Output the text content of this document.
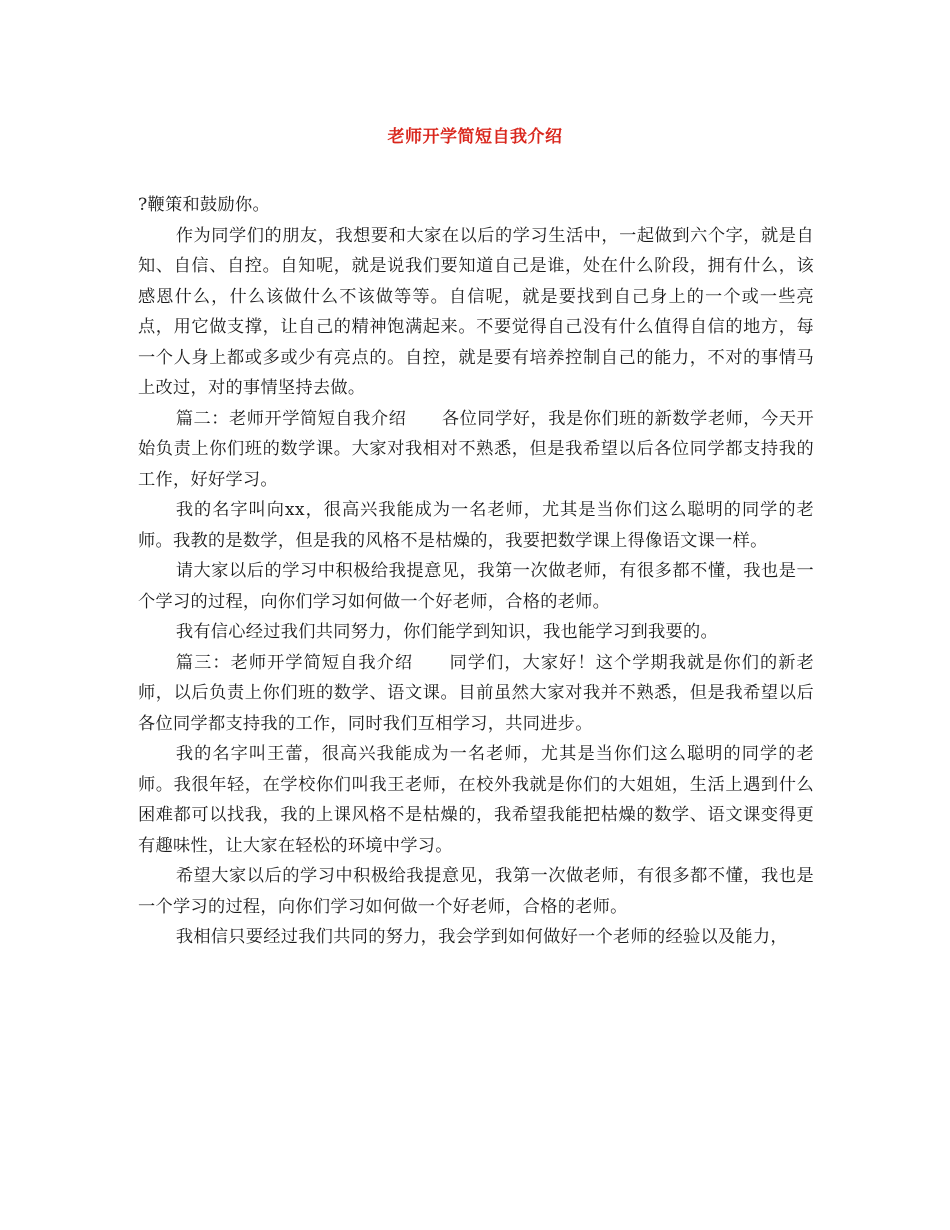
老师开学简短自我介绍

?鞭策和鼓励你。

作为同学们的朋友，我想要和大家在以后的学习生活中，一起做到六个字，就是自知、自信、自控。自知呢，就是说我们要知道自己是谁，处在什么阶段，拥有什么，该感恩什么，什么该做什么不该做等等。自信呢，就是要找到自己身上的一个或一些亮点，用它做支撑，让自己的精神饱满起来。不要觉得自己没有什么值得自信的地方，每一个人身上都或多或少有亮点的。自控，就是要有培养控制自己的能力，不对的事情马上改过，对的事情坚持去做。

篇二：老师开学简短自我介绍　　各位同学好，我是你们班的新数学老师，今天开始负责上你们班的数学课。大家对我相对不熟悉，但是我希望以后各位同学都支持我的工作，好好学习。

我的名字叫向xx，很高兴我能成为一名老师，尤其是当你们这么聪明的同学的老师。我教的是数学，但是我的风格不是枯燥的，我要把数学课上得像语文课一样。

请大家以后的学习中积极给我提意见，我第一次做老师，有很多都不懂，我也是一个学习的过程，向你们学习如何做一个好老师，合格的老师。

我有信心经过我们共同努力，你们能学到知识，我也能学习到我要的。

篇三：老师开学简短自我介绍　　同学们，大家好！这个学期我就是你们的新老师，以后负责上你们班的数学、语文课。目前虽然大家对我并不熟悉，但是我希望以后各位同学都支持我的工作，同时我们互相学习，共同进步。

我的名字叫王蕾，很高兴我能成为一名老师，尤其是当你们这么聪明的同学的老师。我很年轻，在学校你们叫我王老师，在校外我就是你们的大姐姐，生活上遇到什么困难都可以找我，我的上课风格不是枯燥的，我希望我能把枯燥的数学、语文课变得更有趣味性，让大家在轻松的环境中学习。

希望大家以后的学习中积极给我提意见，我第一次做老师，有很多都不懂，我也是一个学习的过程，向你们学习如何做一个好老师，合格的老师。

我相信只要经过我们共同的努力，我会学到如何做好一个老师的经验以及能力，
